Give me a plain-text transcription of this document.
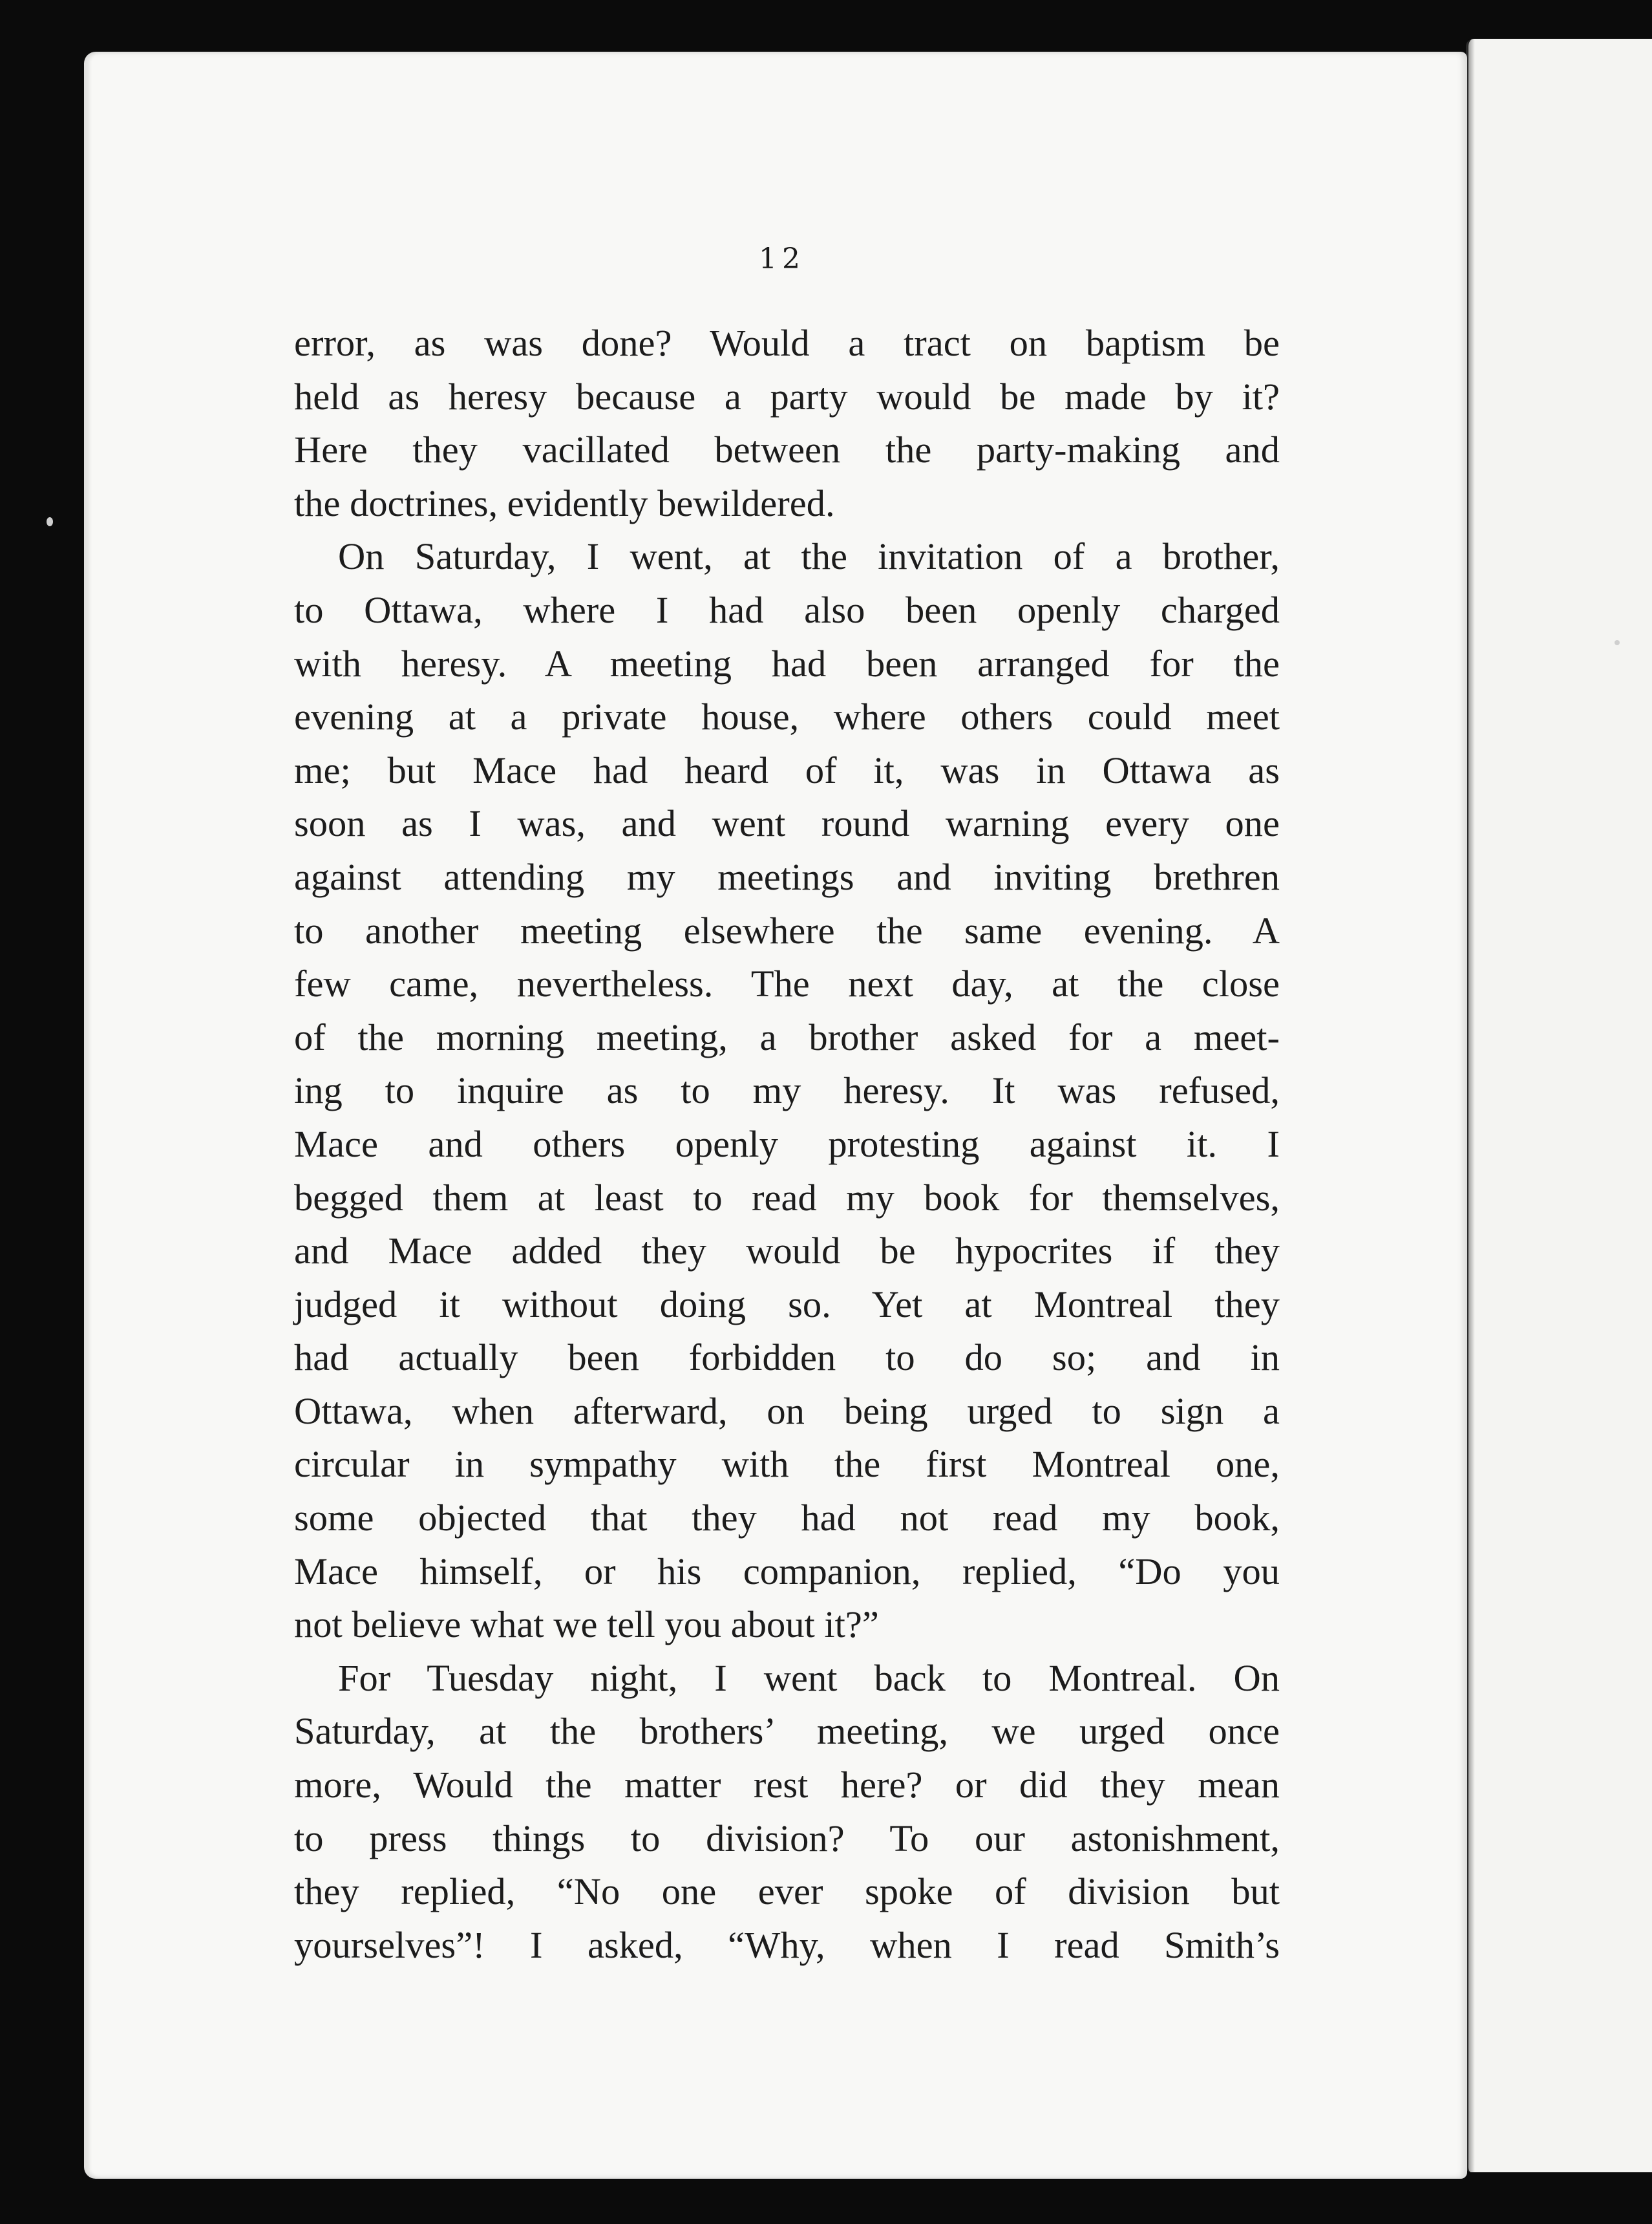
12
error, as was done? Would a tract on baptism be
held as heresy because a party would be made by it?
Here they vacillated between the party-making and
the doctrines, evidently bewildered.
On Saturday, I went, at the invitation of a brother,
to Ottawa, where I had also been openly charged
with heresy. A meeting had been arranged for the
evening at a private house, where others could meet
me; but Mace had heard of it, was in Ottawa as
soon as I was, and went round warning every one
against attending my meetings and inviting brethren
to another meeting elsewhere the same evening. A
few came, nevertheless. The next day, at the close
of the morning meeting, a brother asked for a meet-
ing to inquire as to my heresy. It was refused,
Mace and others openly protesting against it. I
begged them at least to read my book for themselves,
and Mace added they would be hypocrites if they
judged it without doing so. Yet at Montreal they
had actually been forbidden to do so; and in
Ottawa, when afterward, on being urged to sign a
circular in sympathy with the first Montreal one,
some objected that they had not read my book,
Mace himself, or his companion, replied, “Do you
not believe what we tell you about it?”
For Tuesday night, I went back to Montreal. On
Saturday, at the brothers’ meeting, we urged once
more, Would the matter rest here? or did they mean
to press things to division? To our astonishment,
they replied, “No one ever spoke of division but
yourselves”! I asked, “Why, when I read Smith’s
